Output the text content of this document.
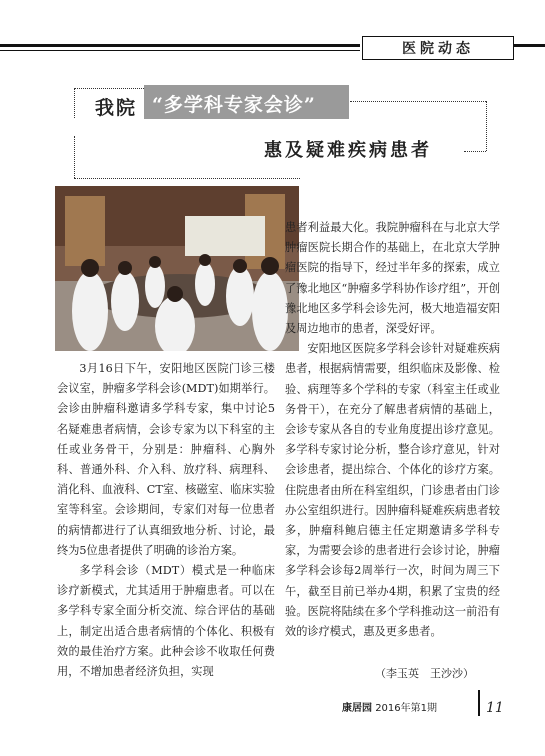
医院动态
我院 “多学科专家会诊”
惠及疑难疾病患者

3月16日下午，安阳地区医院门诊三楼会议室，肿瘤多学科会诊(MDT)如期举行。会诊由肿瘤科邀请多学科专家，集中讨论5名疑难患者病情，会诊专家为以下科室的主任或业务骨干，分别是：肿瘤科、心胸外科、普通外科、介入科、放疗科、病理科、消化科、血液科、CT室、核磁室、临床实验室等科室。会诊期间，专家们对每一位患者的病情都进行了认真细致地分析、讨论，最终为5位患者提供了明确的诊治方案。

多学科会诊（MDT）模式是一种临床诊疗新模式，尤其适用于肿瘤患者。可以在多学科专家全面分析交流、综合评估的基础上，制定出适合患者病情的个体化、积极有效的最佳治疗方案。此种会诊不收取任何费用，不增加患者经济负担，实现

患者利益最大化。我院肿瘤科在与北京大学肿瘤医院长期合作的基础上，在北京大学肿瘤医院的指导下，经过半年多的探索，成立了豫北地区“肿瘤多学科协作诊疗组”，开创豫北地区多学科会诊先河，极大地造福安阳及周边地市的患者，深受好评。

安阳地区医院多学科会诊针对疑难疾病患者，根据病情需要，组织临床及影像、检验、病理等多个学科的专家（科室主任或业务骨干），在充分了解患者病情的基础上，会诊专家从各自的专业角度提出诊疗意见。多学科专家讨论分析，整合诊疗意见，针对会诊患者，提出综合、个体化的诊疗方案。住院患者由所在科室组织，门诊患者由门诊办公室组织进行。因肿瘤科疑难疾病患者较多，肿瘤科鲍启德主任定期邀请多学科专家，为需要会诊的患者进行会诊讨论，肿瘤多学科会诊每2周举行一次，时间为周三下午，截至目前已举办4期，积累了宝贵的经验。医院将陆续在多个学科推动这一前沿有效的诊疗模式，惠及更多患者。

（李玉英　王沙沙）
康居园 2016年第1期	11
